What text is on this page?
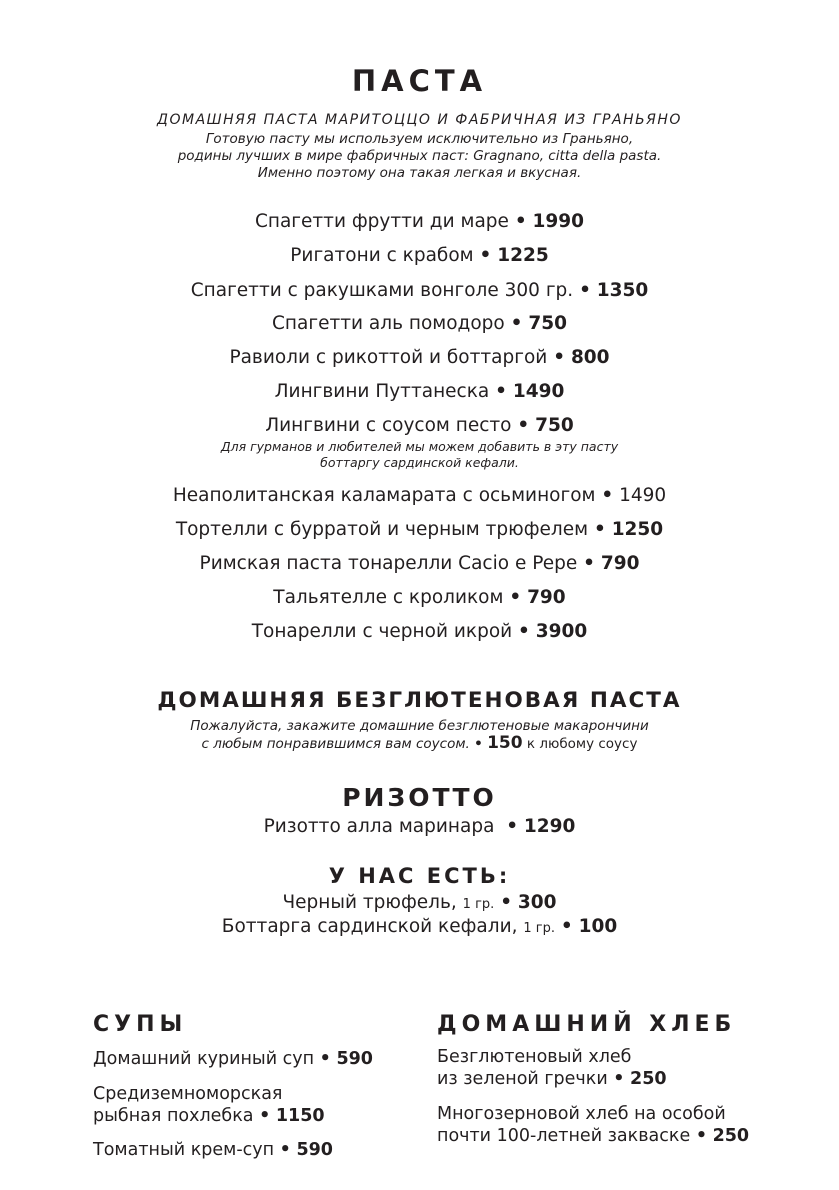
ПАСТА
ДОМАШНЯЯ ПАСТА МАРИТОЦЦО И ФАБРИЧНАЯ ИЗ ГРАНЬЯНО
Готовую пасту мы используем исключительно из Граньяно,
родины лучших в мире фабричных паст: Gragnano, citta della pasta.
Именно поэтому она такая легкая и вкусная.
Спагетти фрутти ди маре • 1990
Ригатони с крабом • 1225
Спагетти с ракушками вонголе 300 гр. • 1350
Спагетти аль помодоро • 750
Равиоли с рикоттой и боттаргой • 800
Лингвини Путтанеска • 1490
Лингвини с соусом песто • 750
Для гурманов и любителей мы можем добавить в эту пасту
боттаргу сардинской кефали.
Неаполитанская каламарата с осьминогом • 1490
Тортелли с бурратой и черным трюфелем • 1250
Римская паста тонарелли Cacio e Pepe • 790
Тальятелле с кроликом • 790
Тонарелли с черной икрой • 3900
ДОМАШНЯЯ БЕЗГЛЮТЕНОВАЯ ПАСТА
Пожалуйста, закажите домашние безглютеновые макарончини
с любым понравившимся вам соусом. • 150 к любому соусу
РИЗОТТО
Ризотто алла маринара • 1290
У НАС ЕСТЬ:
Черный трюфель, 1 гр. • 300
Боттарга сардинской кефали, 1 гр. • 100
СУПЫ
Домашний куриный суп • 590
Средиземноморская
рыбная похлебка • 1150
Томатный крем-суп • 590
ДОМАШНИЙ ХЛЕБ
Безглютеновый хлеб
из зеленой гречки • 250
Многозерновой хлеб на особой
почти 100-летней закваске • 250
